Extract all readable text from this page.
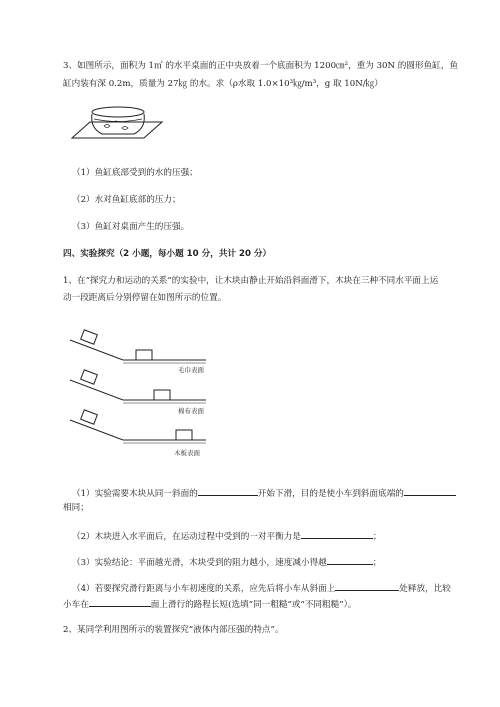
3、如图所示，面积为 1㎡ 的水平桌面的正中央放着一个底面积为 1200㎝²，重为 30N 的圆形鱼缸，鱼
缸内装有深 0.2m，质量为 27㎏ 的水。求（ρ水取 1.0×10³㎏/m³，g 取 10N/㎏）
（1）鱼缸底部受到的水的压强；
（2）水对鱼缸底部的压力；
（3）鱼缸对桌面产生的压强。
四、实验探究（2 小题，每小题 10 分，共计 20 分）
1、在“探究力和运动的关系”的实验中，让木块由静止开始沿斜面滑下，木块在三种不同水平面上运
动一段距离后分别停留在如图所示的位置。
毛巾表面
棉布表面
木板表面
（1）实验需要木块从同一斜面的	开始下滑，目的是使小车到斜面底端的
相同；
（2）木块进入水平面后，在运动过程中受到的一对平衡力是	；
（3）实验结论：平面越光滑，木块受到的阻力越小，速度减小得越	；
（4）若要探究滑行距离与小车初速度的关系，应先后将小车从斜面上	处释放，比较
小车在	面上滑行的路程长短(选填“同一粗糙”或“不同粗糙”）。
2、某同学利用图所示的装置探究“液体内部压强的特点”。
